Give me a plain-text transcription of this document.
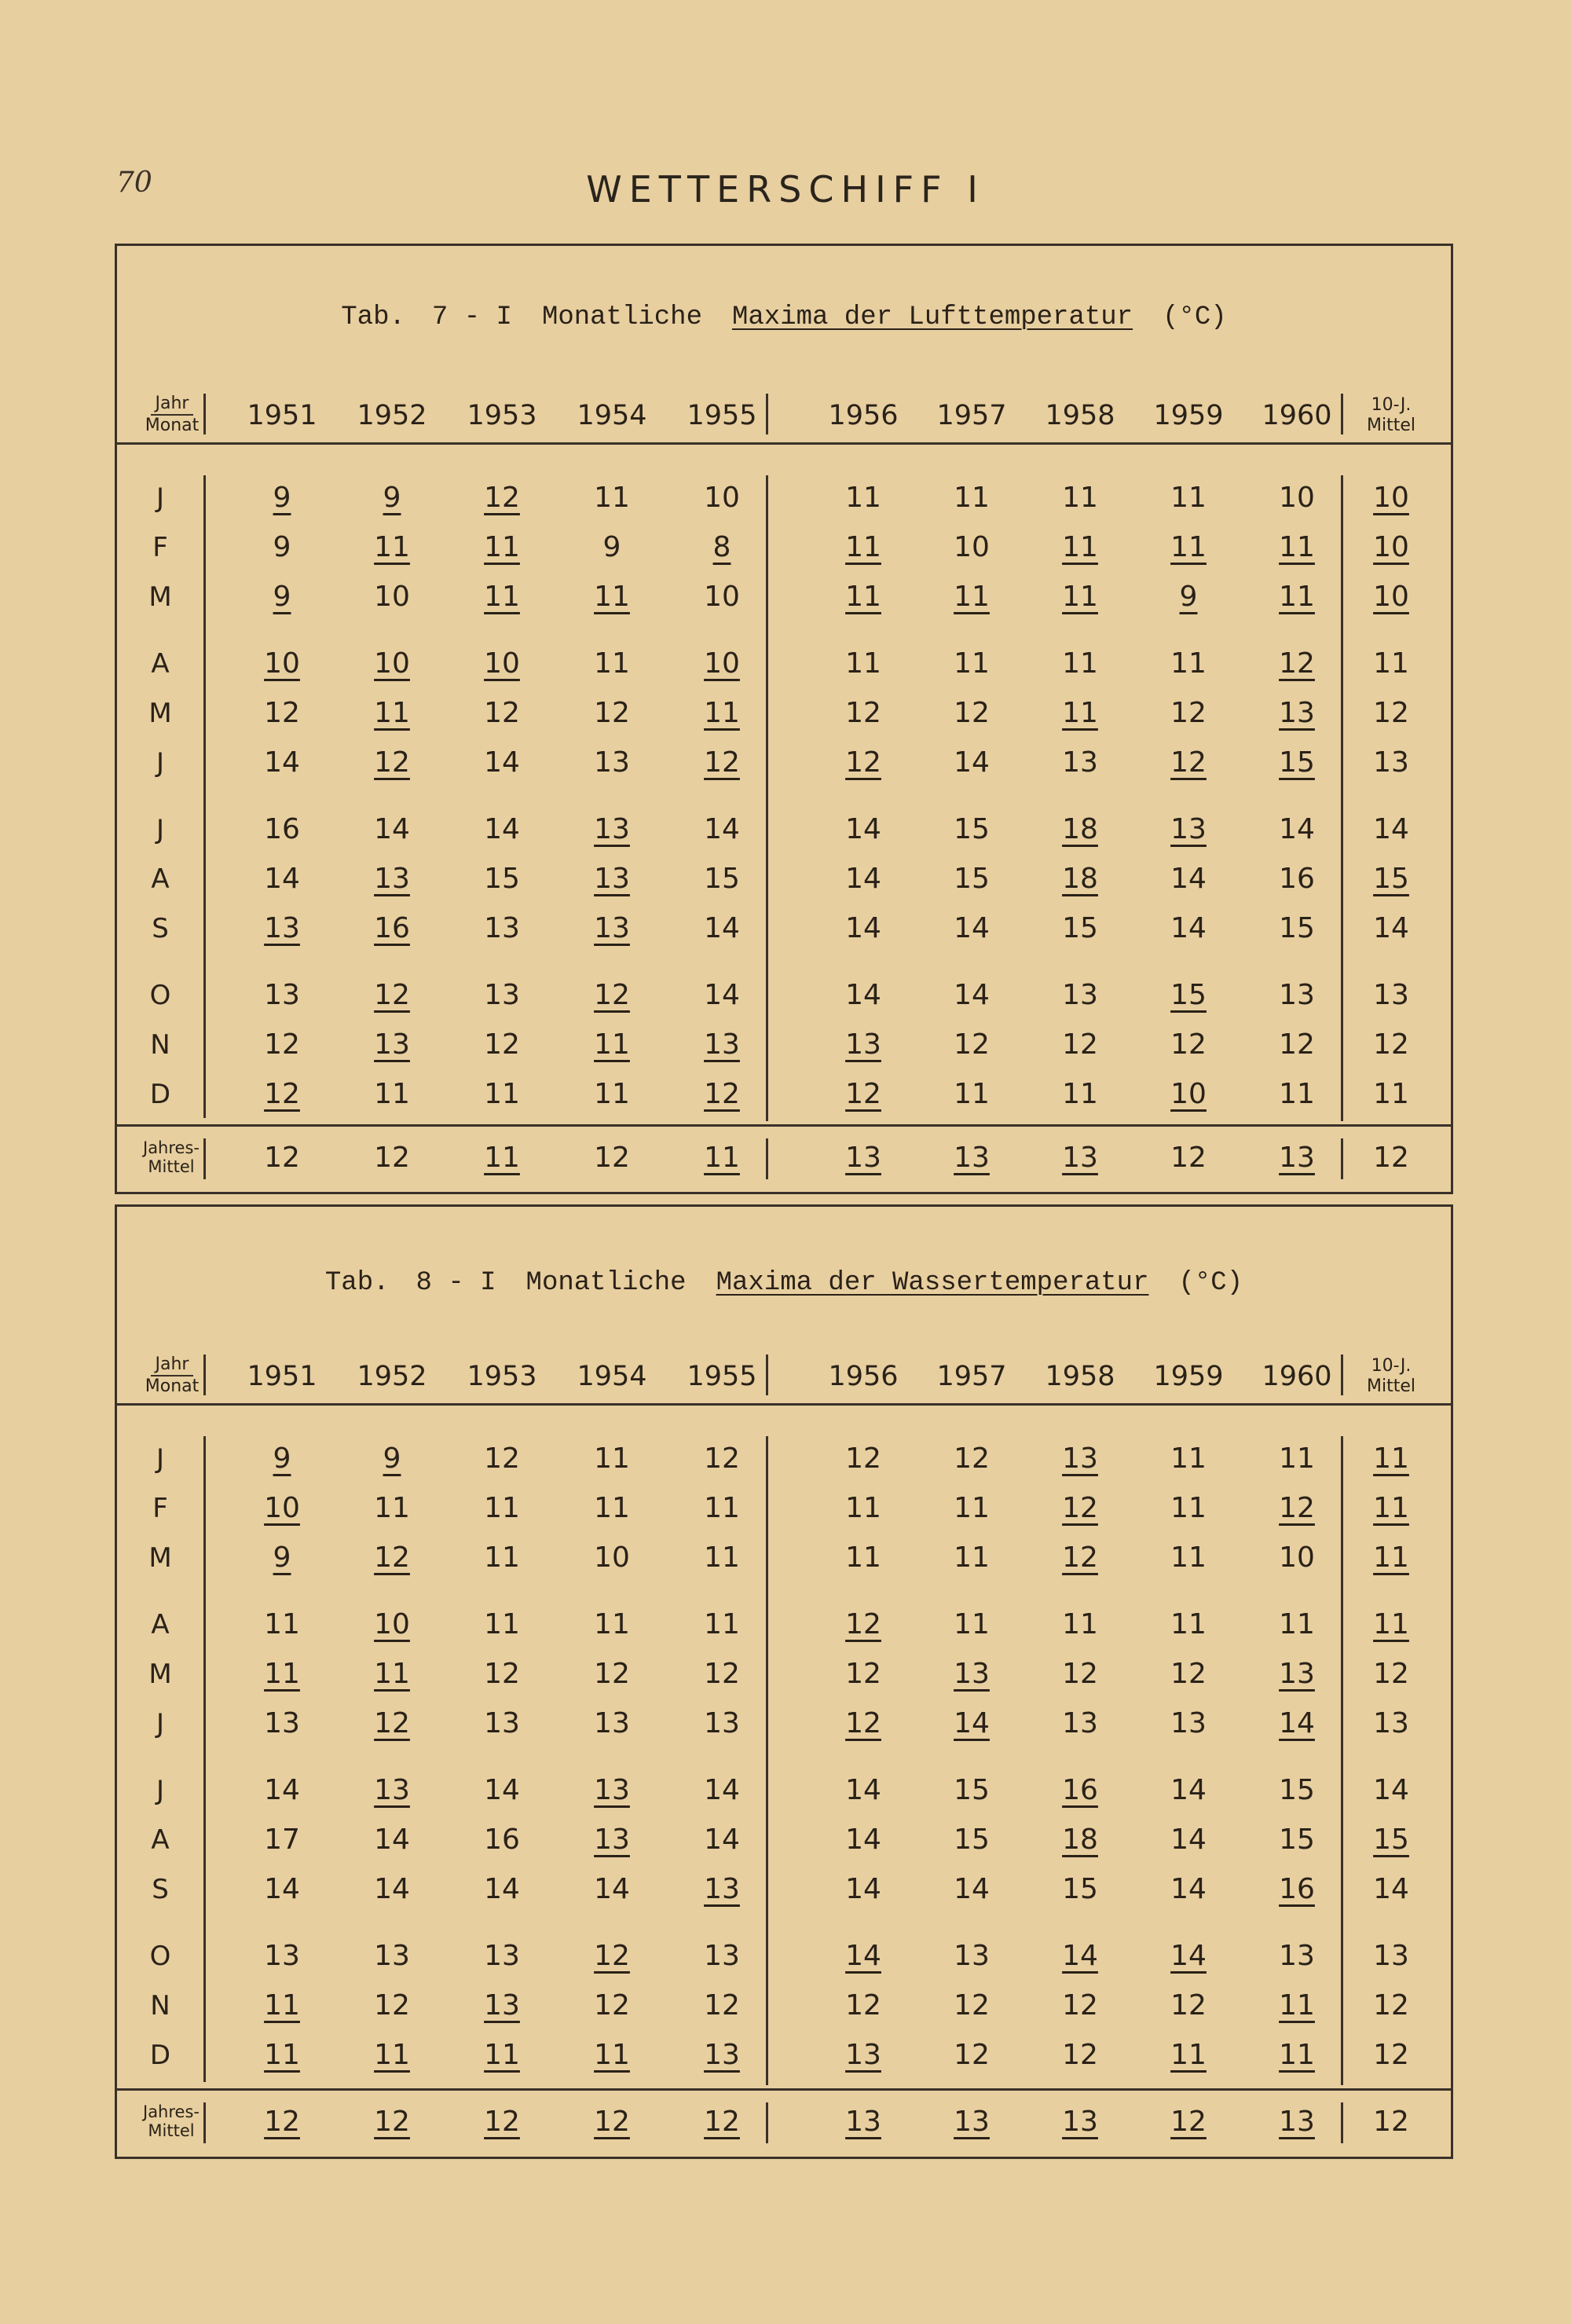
70	WETTERSCHIFF I
Tab. 7 - I Monatliche Maxima der Lufttemperatur (°C)
Jahr
Monat	1951	1952	1953	1954	1955	1956	1957	1958	1959	1960	10-J.
Mittel
J	9	9	12	11	10	11	11	11	11	10	10
F	9	11	11	9	8	11	10	11	11	11	10
M	9	10	11	11	10	11	11	11	9	11	10
A	10	10	10	11	10	11	11	11	11	12	11
M	12	11	12	12	11	12	12	11	12	13	12
J	14	12	14	13	12	12	14	13	12	15	13
J	16	14	14	13	14	14	15	18	13	14	14
A	14	13	15	13	15	14	15	18	14	16	15
S	13	16	13	13	14	14	14	15	14	15	14
O	13	12	13	12	14	14	14	13	15	13	13
N	12	13	12	11	13	13	12	12	12	12	12
D	12	11	11	11	12	12	11	11	10	11	11
Jahres-
Mittel	12	12	11	12	11	13	13	13	12	13	12
Tab. 8 - I Monatliche Maxima der Wassertemperatur (°C)
Jahr
Monat	1951	1952	1953	1954	1955	1956	1957	1958	1959	1960	10-J.
Mittel
J	9	9	12	11	12	12	12	13	11	11	11
F	10	11	11	11	11	11	11	12	11	12	11
M	9	12	11	10	11	11	11	12	11	10	11
A	11	10	11	11	11	12	11	11	11	11	11
M	11	11	12	12	12	12	13	12	12	13	12
J	13	12	13	13	13	12	14	13	13	14	13
J	14	13	14	13	14	14	15	16	14	15	14
A	17	14	16	13	14	14	15	18	14	15	15
S	14	14	14	14	13	14	14	15	14	16	14
O	13	13	13	12	13	14	13	14	14	13	13
N	11	12	13	12	12	12	12	12	12	11	12
D	11	11	11	11	13	13	12	12	11	11	12
Jahres-
Mittel	12	12	12	12	12	13	13	13	12	13	12
